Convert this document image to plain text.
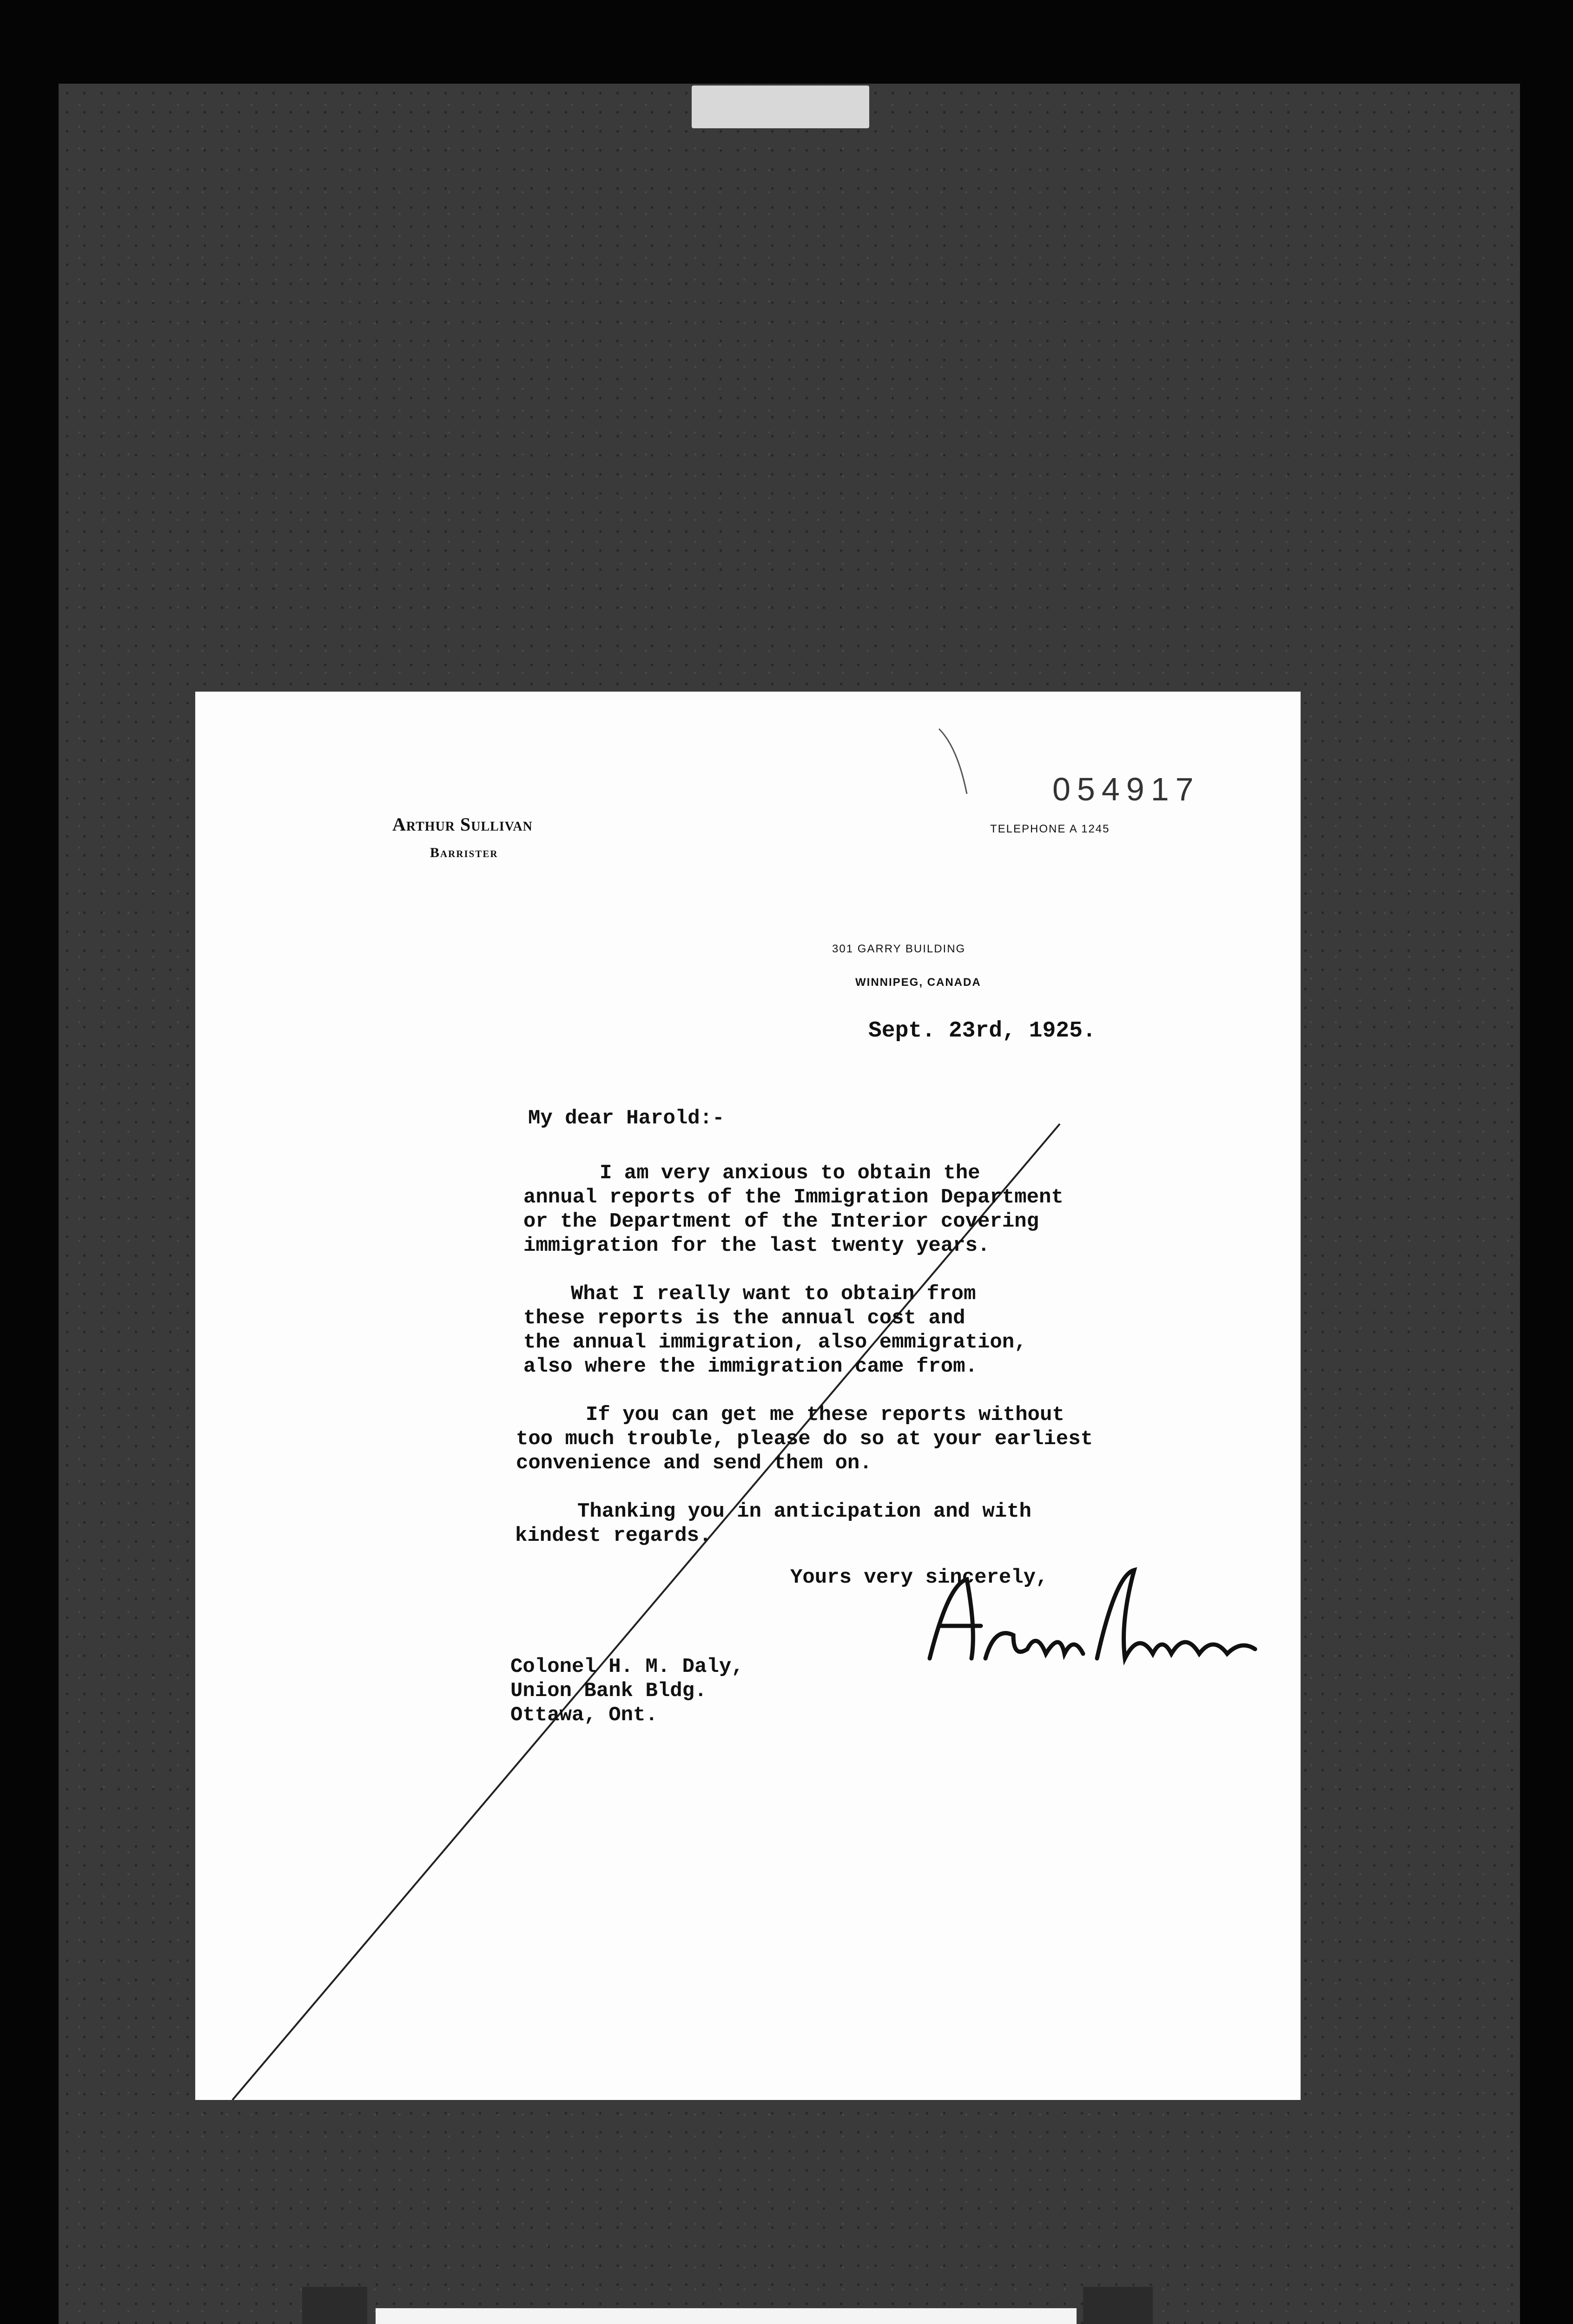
Arthur Sullivan
Barrister
054917
TELEPHONE A 1245
301 GARRY BUILDING
WINNIPEG, CANADA
Sept. 23rd, 1925.
My dear Harold:-
I am very anxious to obtain the
annual reports of the Immigration Department
or the Department of the Interior covering
immigration for the last twenty years.
What I really want to obtain from
these reports is the annual cost and
the annual immigration, also emmigration,
also where the immigration came from.
If you can get me these reports without
too much trouble, please do so at your earliest
convenience and send them on.
Thanking you in anticipation and with
kindest regards.
Yours very sincerely,
Colonel H. M. Daly,
Union Bank Bldg.
Ottawa, Ont.
